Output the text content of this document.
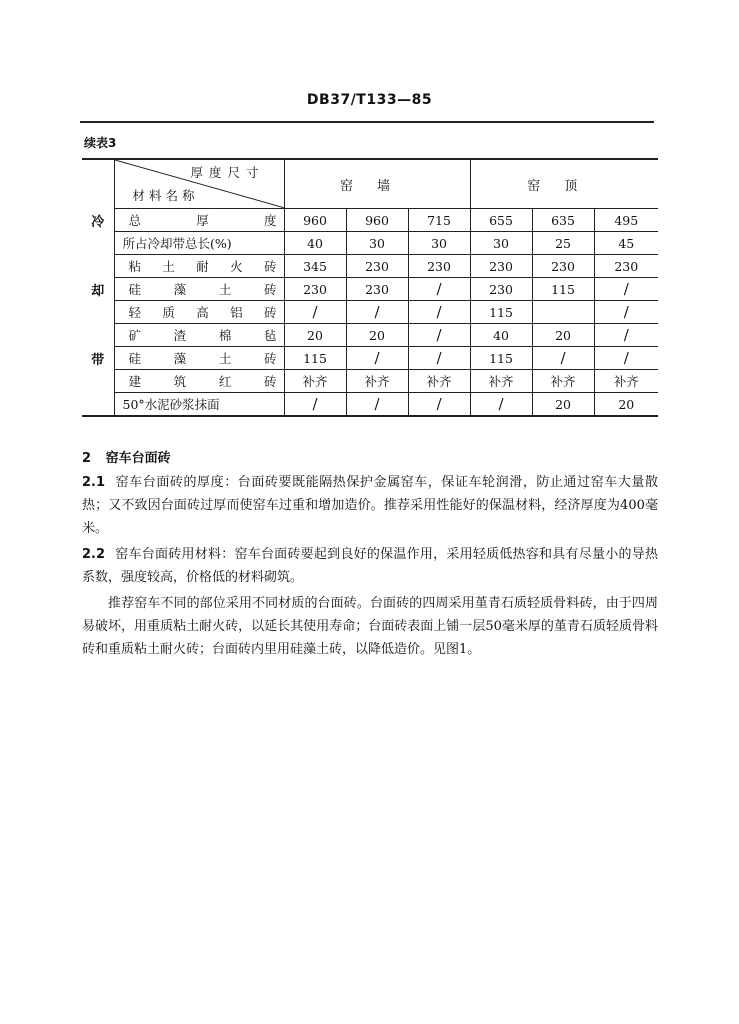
DB37/T133—85
续表3

	厚度尺寸
材料名称	窑墙			窑顶		
冷	总厚度	960	960	715	655	635	495
	所占冷却带总长(%)	40	30	30	30	25	45
	粘土耐火砖	345	230	230	230	230	230
却	硅藻土砖	230	230	/	230	115	/
	轻质高铝砖	/	/	/	115		/
	矿渣棉毡	20	20	/	40	20	/
带	硅藻土砖	115	/	/	115	/	/
	建筑红砖	补齐	补齐	补齐	补齐	补齐	补齐
	50°水泥砂浆抹面	/	/	/	/	20	20
2 窑车台面砖
2.1 窑车台面砖的厚度：台面砖要既能隔热保护金属窑车，保证车轮润滑，防止通过窑车大量散热；又不致因台面砖过厚而使窑车过重和增加造价。推荐采用性能好的保温材料，经济厚度为400毫米。
2.2 窑车台面砖用材料：窑车台面砖要起到良好的保温作用，采用轻质低热容和具有尽量小的导热系数，强度较高，价格低的材料砌筑。
推荐窑车不同的部位采用不同材质的台面砖。台面砖的四周采用堇青石质轻质骨料砖，由于四周易破坏，用重质粘土耐火砖，以延长其使用寿命；台面砖表面上铺一层50毫米厚的堇青石质轻质骨料砖和重质粘土耐火砖；台面砖内里用硅藻土砖，以降低造价。见图1。
